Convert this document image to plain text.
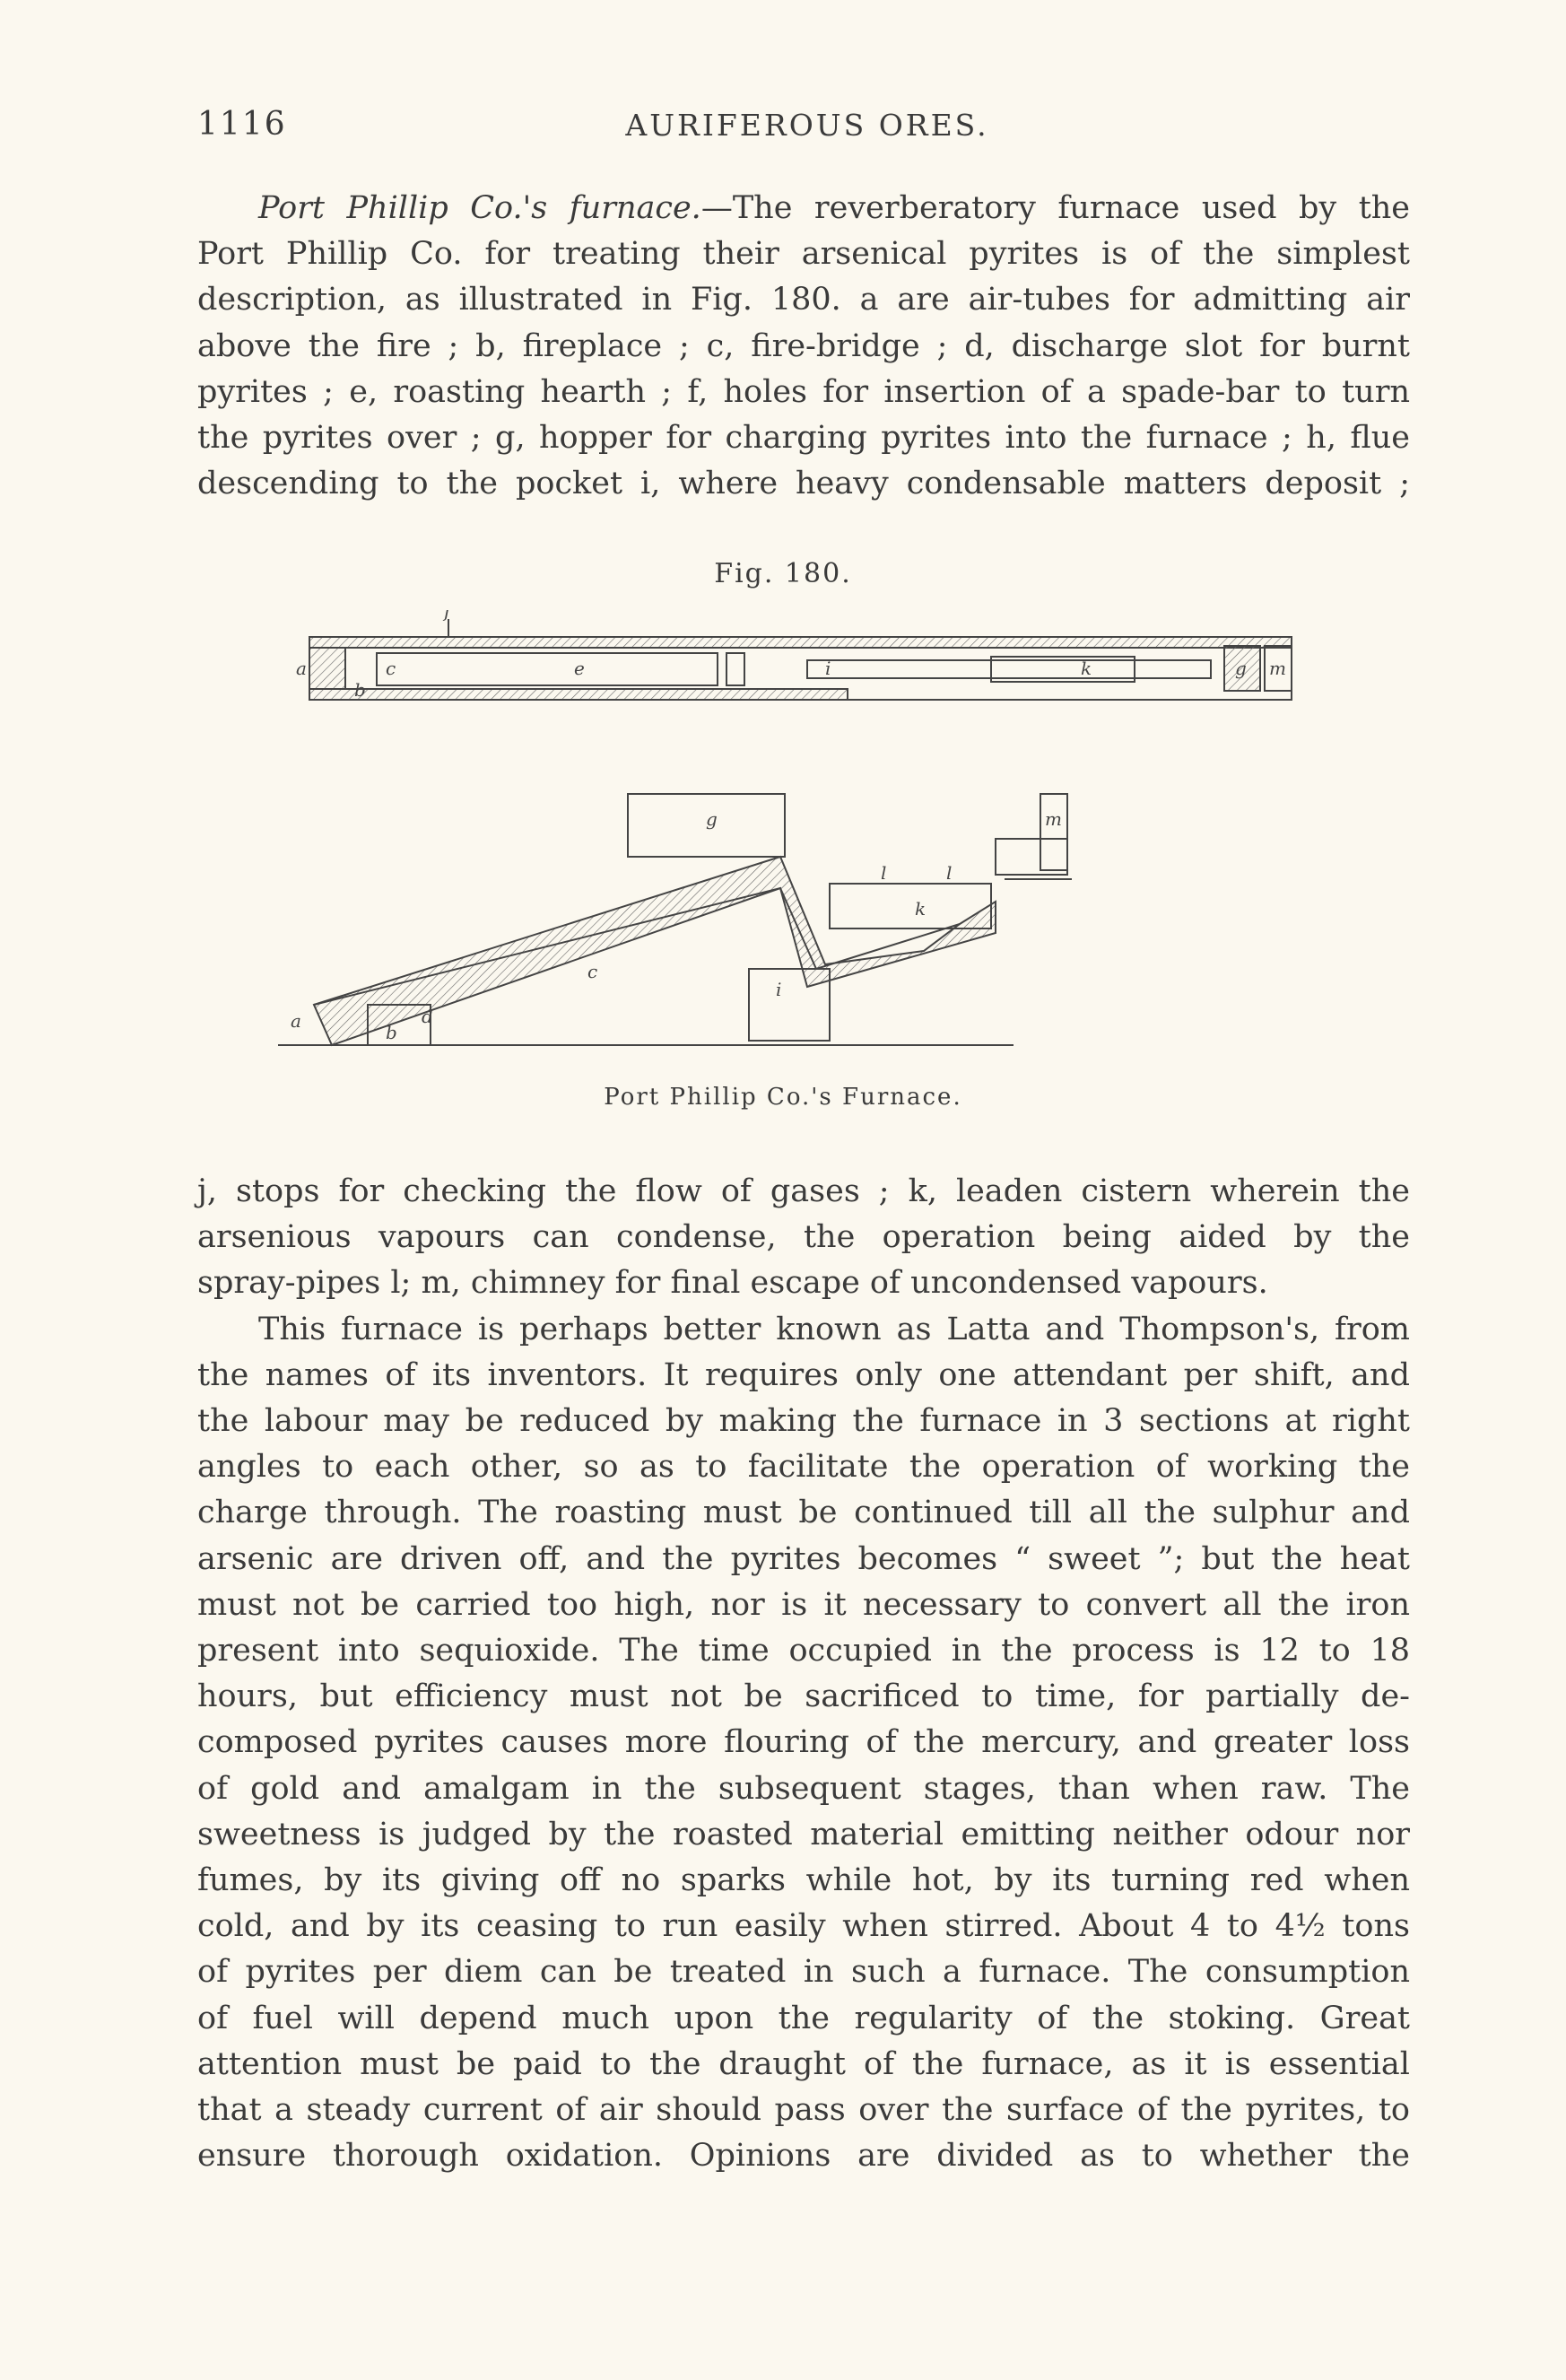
1116	AURIFEROUS ORES.

Port Phillip Co.'s furnace.—The reverberatory furnace used by the

Port Phillip Co. for treating their arsenical pyrites is of the simplest

description, as illustrated in Fig. 180. a are air-tubes for admitting air

above the fire ; b, fireplace ; c, fire-bridge ; d, discharge slot for burnt

pyrites ; e, roasting hearth ; f, holes for insertion of a spade-bar to turn

the pyrites over ; g, hopper for charging pyrites into the furnace ; h, flue

descending to the pocket i, where heavy condensable matters deposit ;

Fig. 180.
a
b
c	e
f
i	k	g m
g
c
a
b
d
l	l
k
i
m
Port Phillip Co.'s Furnace.

j, stops for checking the flow of gases ; k, leaden cistern wherein the

arsenious vapours can condense, the operation being aided by the

spray-pipes l; m, chimney for final escape of uncondensed vapours.

This furnace is perhaps better known as Latta and Thompson's, from

the names of its inventors. It requires only one attendant per shift, and

the labour may be reduced by making the furnace in 3 sections at right

angles to each other, so as to facilitate the operation of working the

charge through. The roasting must be continued till all the sulphur and

arsenic are driven off, and the pyrites becomes “ sweet ”; but the heat

must not be carried too high, nor is it necessary to convert all the iron

present into sequioxide. The time occupied in the process is 12 to 18

hours, but efficiency must not be sacrificed to time, for partially de-

composed pyrites causes more flouring of the mercury, and greater loss

of gold and amalgam in the subsequent stages, than when raw. The

sweetness is judged by the roasted material emitting neither odour nor

fumes, by its giving off no sparks while hot, by its turning red when

cold, and by its ceasing to run easily when stirred. About 4 to 4½ tons

of pyrites per diem can be treated in such a furnace. The consumption

of fuel will depend much upon the regularity of the stoking. Great

attention must be paid to the draught of the furnace, as it is essential

that a steady current of air should pass over the surface of the pyrites, to

ensure thorough oxidation. Opinions are divided as to whether the
